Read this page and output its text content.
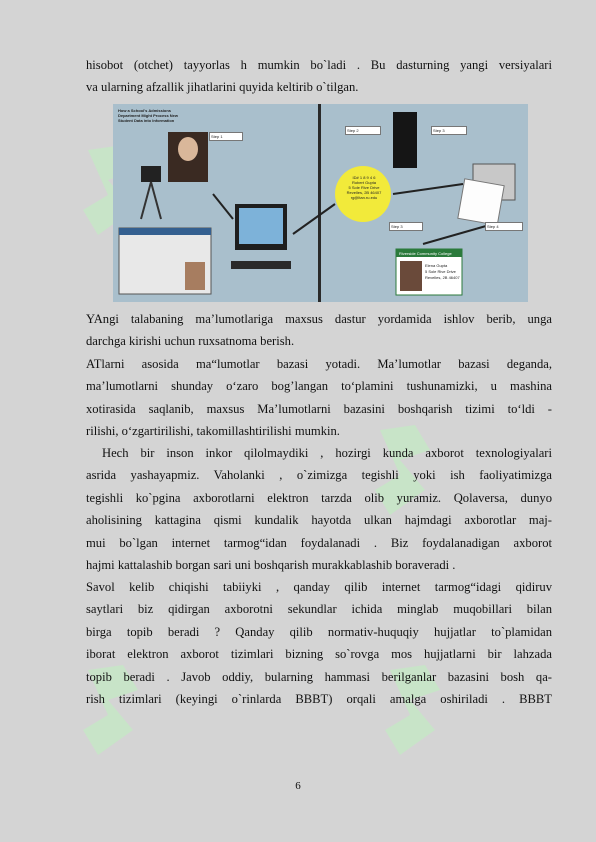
hisobot (otchet) tayyorlas h mumkin bo`ladi . Bu dasturning yangi versiyalari
va ularning afzallik jihatlarini quyida keltirib o`tilgan.
How a School's Admissions Department Might Process New Student Data into Information
Step 1
Step 2	Step 3
Step 3	Step 4
ID# 1 8 9 4 6
Robert Gupta
5 Sole Rive Drive
Revelles, 2B 46407
rg@ltan.ru.edu

Riverside Community College
Elena Gupta
5 Sole Rive Drive
Revelles, 2B 46407
YAngi talabaning ma’lumotlariga maxsus dastur yordamida ishlov berib, unga
darchga kirishi uchun ruxsatnoma berish.
ATlarni asosida ma“lumotlar bazasi yotadi. Ma’lumotlar bazasi deganda,
ma’lumotlarni shunday o‘zaro bog’langan to‘plamini tushunamizki, u mashina
xotirasida saqlanib, maxsus Ma’lumotlarni bazasini boshqarish tizimi to‘ldi -
rilishi, o‘zgartirilishi, takomillashtirilishi mumkin.
Hech bir inson inkor qilolmaydiki , hozirgi kunda axborot texnologiyalari
asrida yashayapmiz. Vaholanki , o`zimizga tegishli yoki ish faoliyatimizga
tegishli ko`pgina axborotlarni elektron tarzda olib yuramiz. Qolaversa, dunyo
aholisining kattagina qismi kundalik hayotda ulkan hajmdagi axborotlar maj-
mui bo`lgan internet tarmog“idan foydalanadi . Biz foydalanadigan axborot
hajmi kattalashib borgan sari uni boshqarish murakkablashib boraveradi .
Savol kelib chiqishi tabiiyki , qanday qilib internet tarmog“idagi qidiruv
saytlari biz qidirgan axborotni sekundlar ichida minglab muqobillari bilan
birga topib beradi ? Qanday qilib normativ-huquqiy hujjatlar to`plamidan
iborat elektron axborot tizimlari bizning so`rovga mos hujjatlarni bir lahzada
topib beradi . Javob oddiy, bularning hammasi berilganlar bazasini bosh qa-
rish tizimlari (keyingi o`rinlarda BBBT) orqali amalga oshiriladi . BBBT
6
